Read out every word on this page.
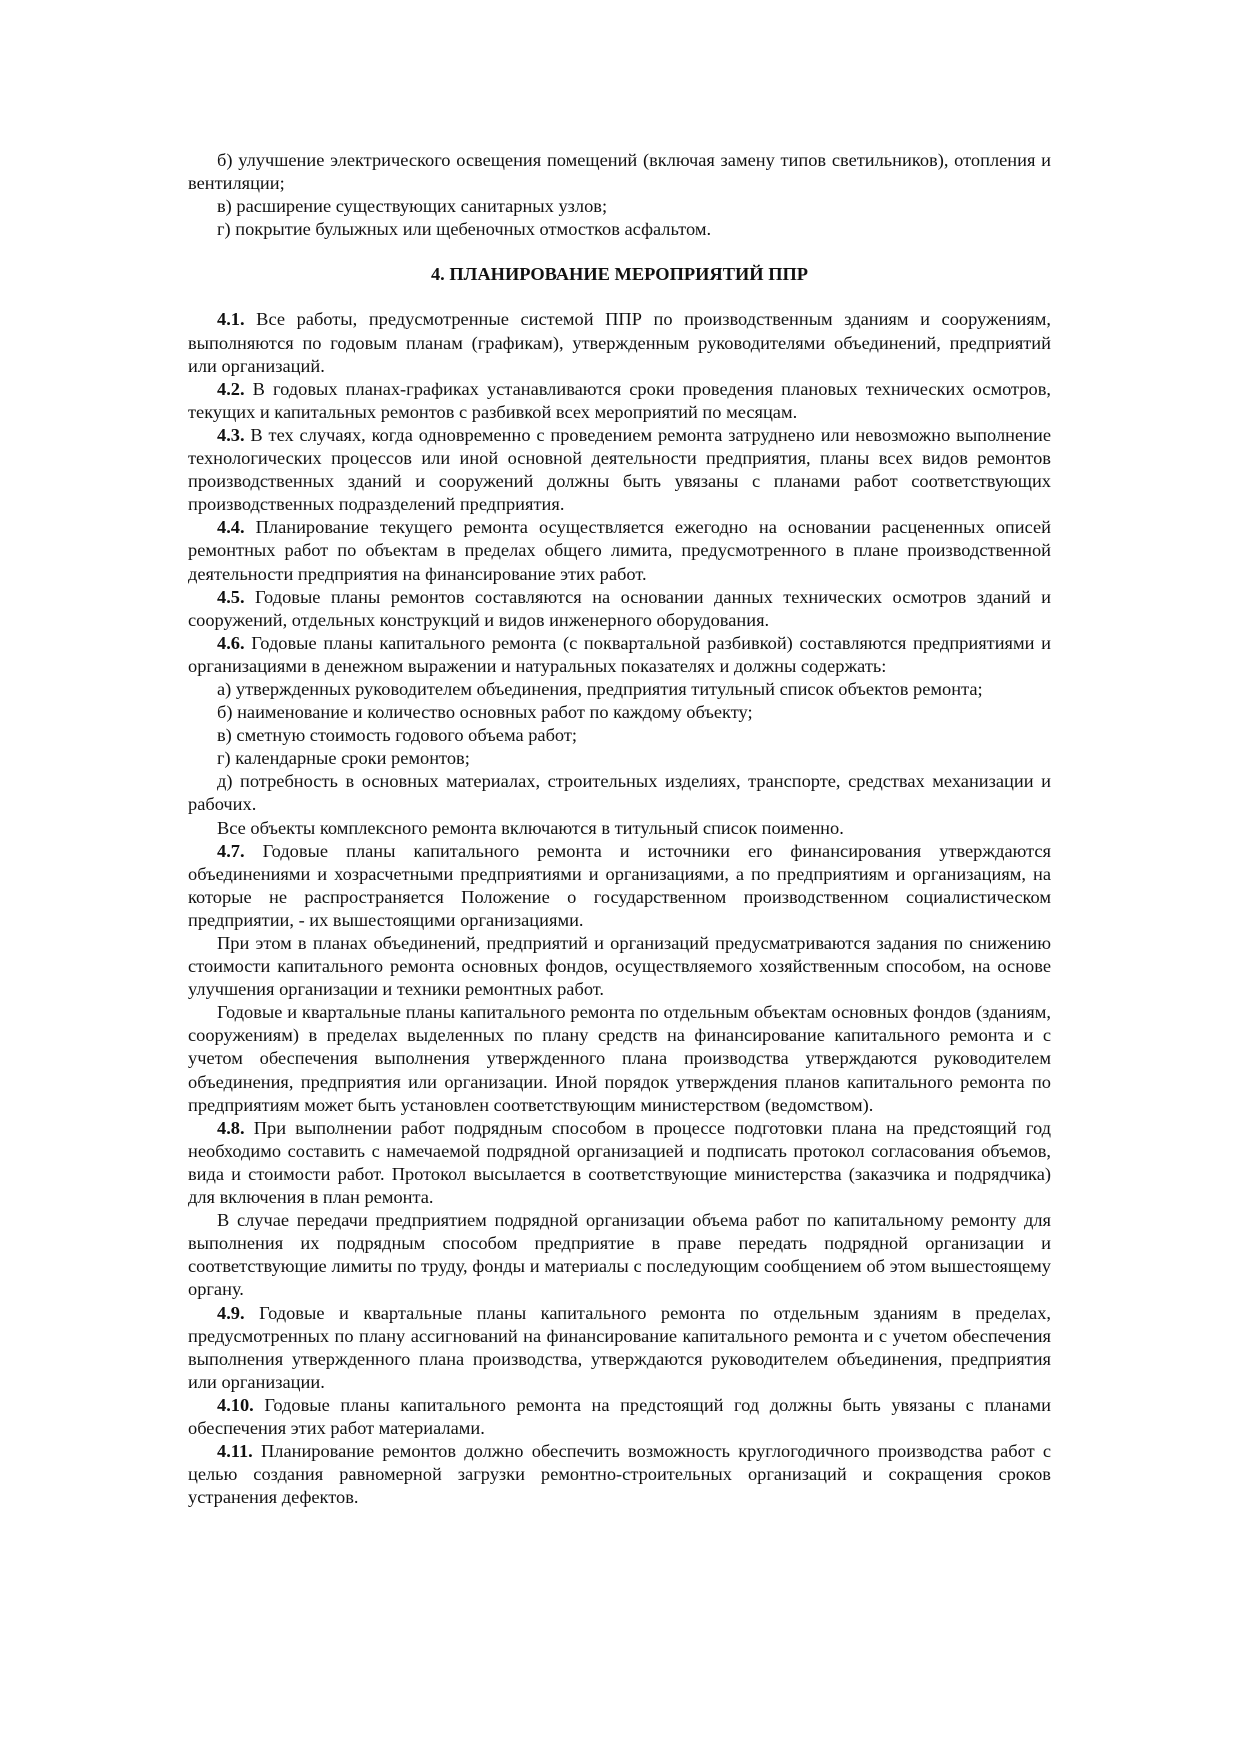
б) улучшение электрического освещения помещений (включая замену типов светильников), отопления и вентиляции;

в) расширение существующих санитарных узлов;

г) покрытие булыжных или щебеночных отмостков асфальтом.

4. ПЛАНИРОВАНИЕ МЕРОПРИЯТИЙ ППР

4.1. Все работы, предусмотренные системой ППР по производственным зданиям и сооружениям, выполняются по годовым планам (графикам), утвержденным руководителями объединений, предприятий или организаций.

4.2. В годовых планах-графиках устанавливаются сроки проведения плановых технических осмотров, текущих и капитальных ремонтов с разбивкой всех мероприятий по месяцам.

4.3. В тех случаях, когда одновременно с проведением ремонта затруднено или невозможно выполнение технологических процессов или иной основной деятельности предприятия, планы всех видов ремонтов производственных зданий и сооружений должны быть увязаны с планами работ соответствующих производственных подразделений предприятия.

4.4. Планирование текущего ремонта осуществляется ежегодно на основании расцененных описей ремонтных работ по объектам в пределах общего лимита, предусмотренного в плане производственной деятельности предприятия на финансирование этих работ.

4.5. Годовые планы ремонтов составляются на основании данных технических осмотров зданий и сооружений, отдельных конструкций и видов инженерного оборудования.

4.6. Годовые планы капитального ремонта (с поквартальной разбивкой) составляются предприятиями и организациями в денежном выражении и натуральных показателях и должны содержать:

а) утвержденных руководителем объединения, предприятия титульный список объектов ремонта;

б) наименование и количество основных работ по каждому объекту;

в) сметную стоимость годового объема работ;

г) календарные сроки ремонтов;

д) потребность в основных материалах, строительных изделиях, транспорте, средствах механизации и рабочих.

Все объекты комплексного ремонта включаются в титульный список поименно.

4.7. Годовые планы капитального ремонта и источники его финансирования утверждаются объединениями и хозрасчетными предприятиями и организациями, а по предприятиям и организациям, на которые не распространяется Положение о государственном производственном социалистическом предприятии, - их вышестоящими организациями.

При этом в планах объединений, предприятий и организаций предусматриваются задания по снижению стоимости капитального ремонта основных фондов, осуществляемого хозяйственным способом, на основе улучшения организации и техники ремонтных работ.

Годовые и квартальные планы капитального ремонта по отдельным объектам основных фондов (зданиям, сооружениям) в пределах выделенных по плану средств на финансирование капитального ремонта и с учетом обеспечения выполнения утвержденного плана производства утверждаются руководителем объединения, предприятия или организации. Иной порядок утверждения планов капитального ремонта по предприятиям может быть установлен соответствующим министерством (ведомством).

4.8. При выполнении работ подрядным способом в процессе подготовки плана на предстоящий год необходимо составить с намечаемой подрядной организацией и подписать протокол согласования объемов, вида и стоимости работ. Протокол высылается в соответствующие министерства (заказчика и подрядчика) для включения в план ремонта.

В случае передачи предприятием подрядной организации объема работ по капитальному ремонту для выполнения их подрядным способом предприятие в праве передать подрядной организации и соответствующие лимиты по труду, фонды и материалы с последующим сообщением об этом вышестоящему органу.

4.9. Годовые и квартальные планы капитального ремонта по отдельным зданиям в пределах, предусмотренных по плану ассигнований на финансирование капитального ремонта и с учетом обеспечения выполнения утвержденного плана производства, утверждаются руководителем объединения, предприятия или организации.

4.10. Годовые планы капитального ремонта на предстоящий год должны быть увязаны с планами обеспечения этих работ материалами.

4.11. Планирование ремонтов должно обеспечить возможность круглогодичного производства работ с целью создания равномерной загрузки ремонтно-строительных организаций и сокращения сроков устранения дефектов.
